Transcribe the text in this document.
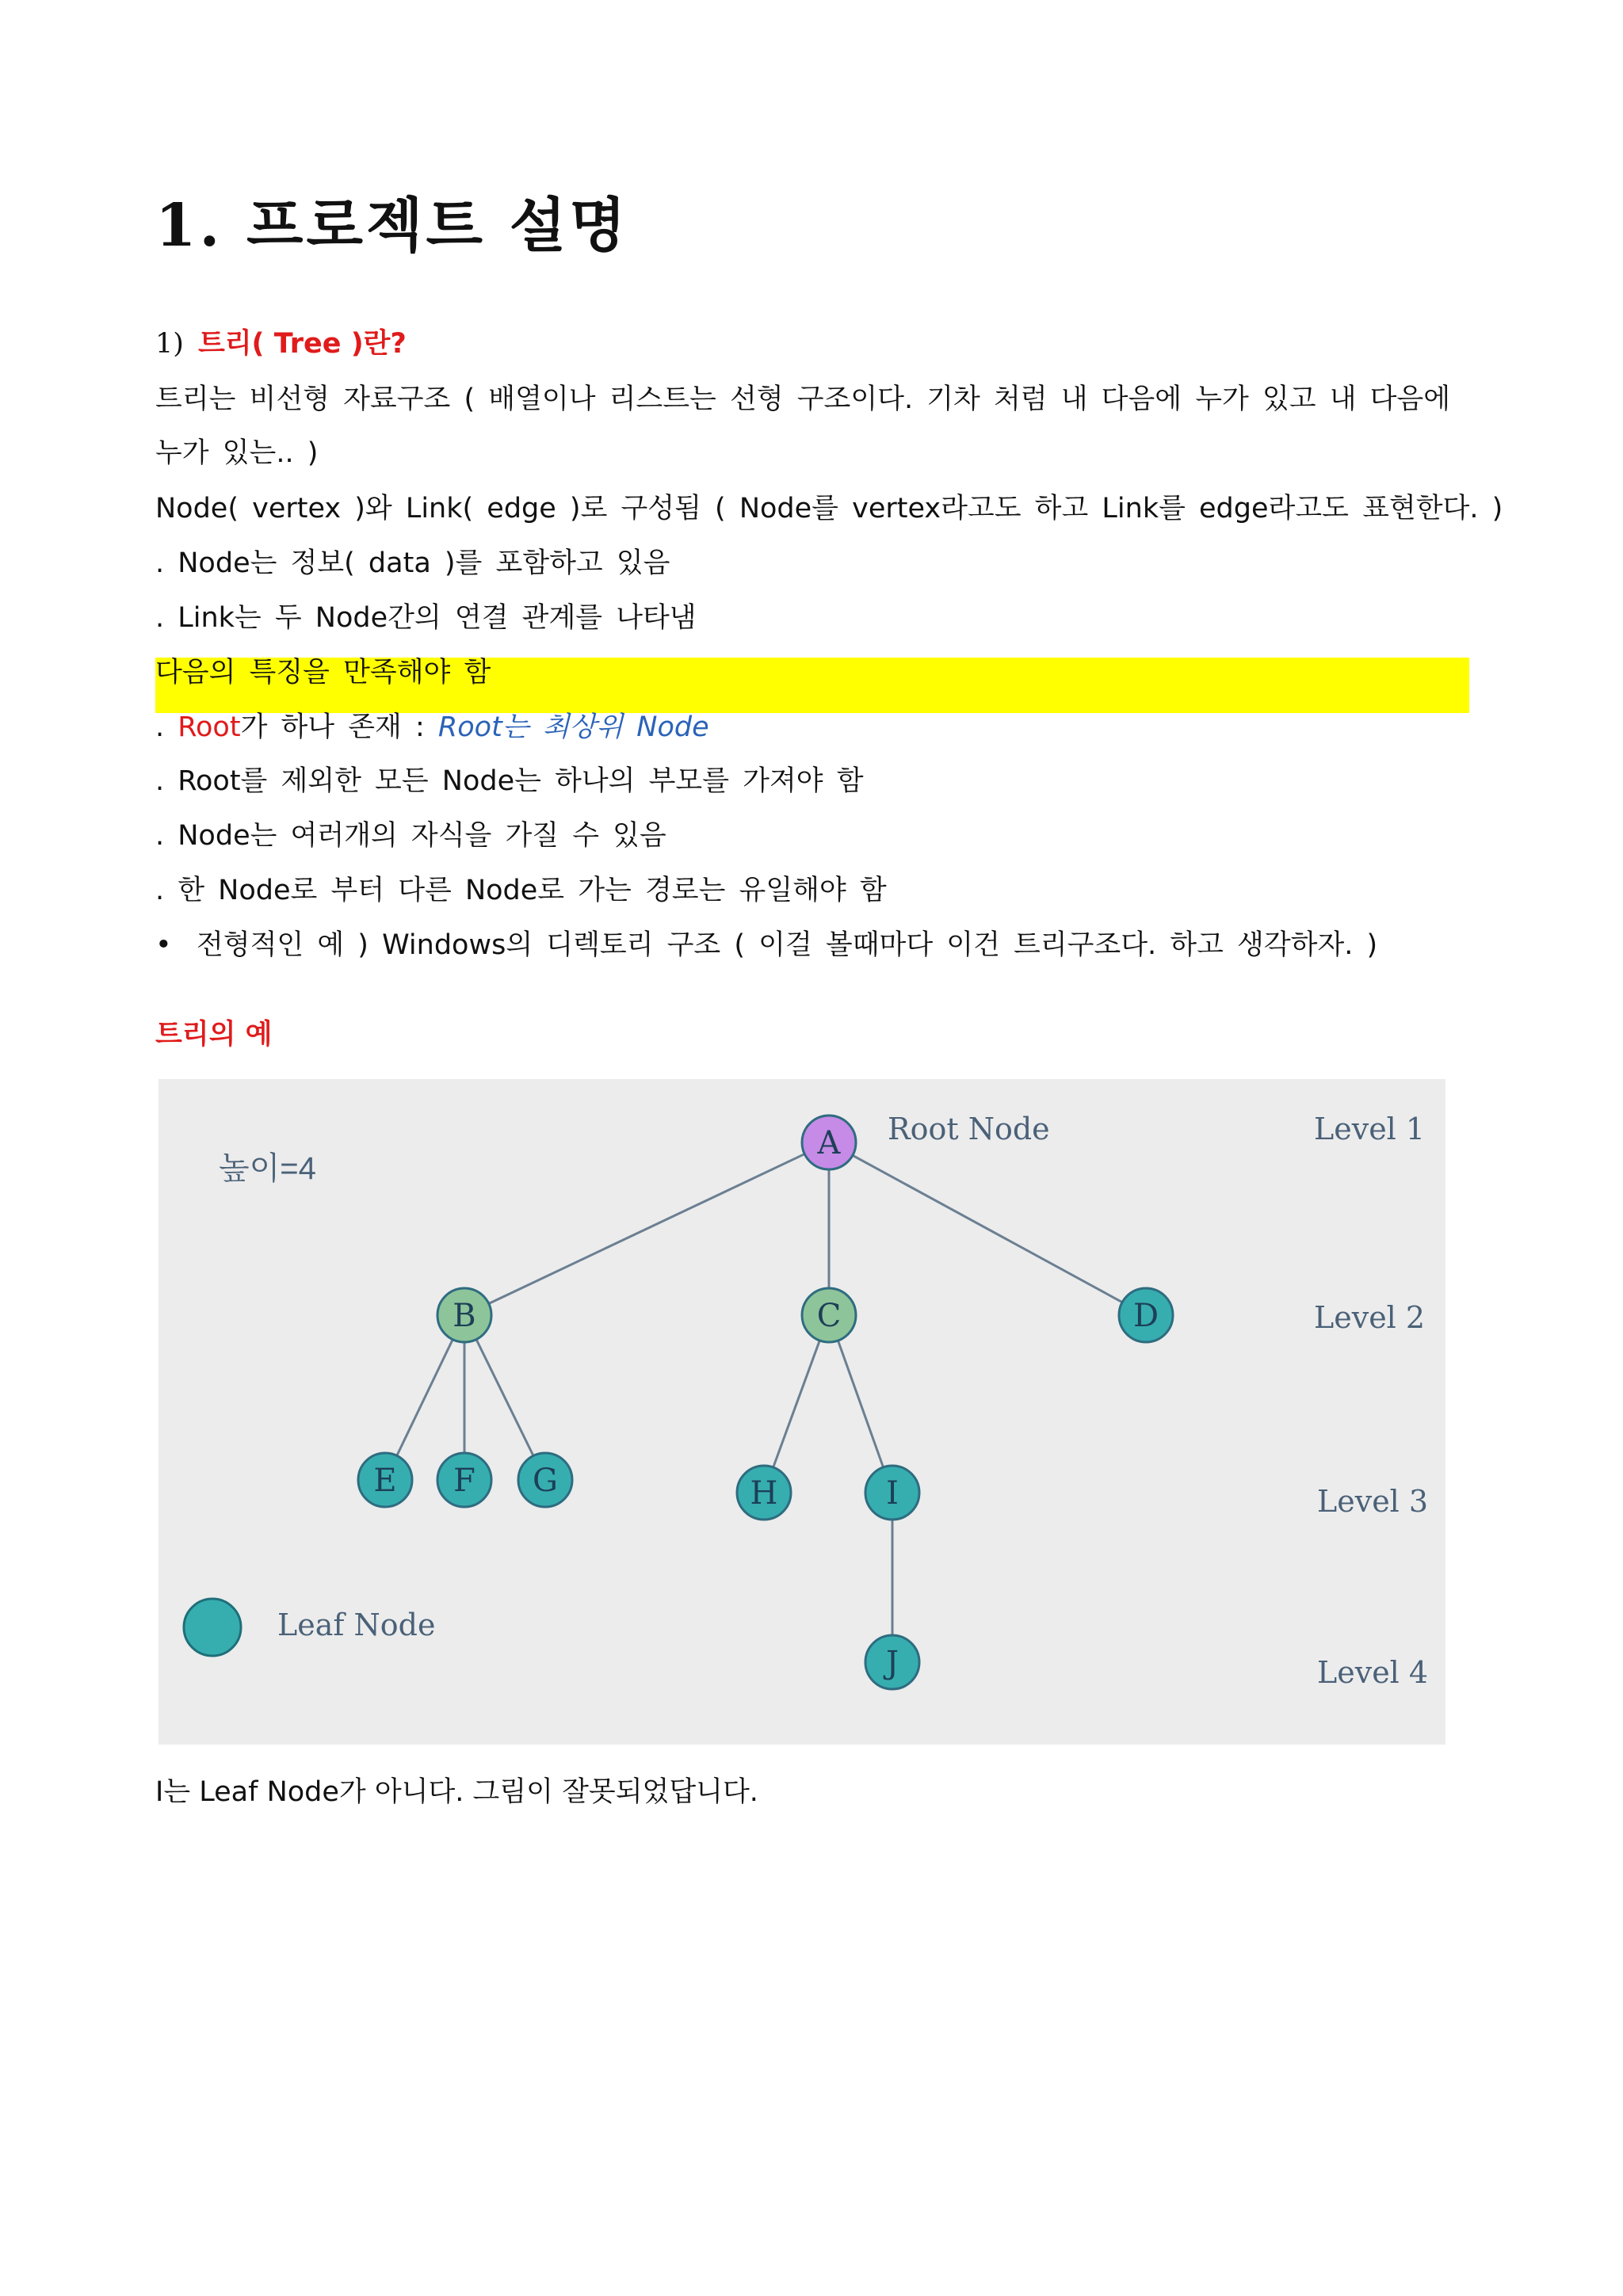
1. 프로젝트 설명
1) 트리( Tree )란?
트리는 비선형 자료구조 ( 배열이나 리스트는 선형 구조이다. 기차 처럼 내 다음에 누가 있고 내 다음에
누가 있는.. )
Node( vertex )와 Link( edge )로 구성됨 ( Node를 vertex라고도 하고 Link를 edge라고도 표현한다. )
. Node는 정보( data )를 포함하고 있음
. Link는 두 Node간의 연결 관계를 나타냄
다음의 특징을 만족해야 함
. Root가 하나 존재 : Root는 최상위 Node
. Root를 제외한 모든 Node는 하나의 부모를 가져야 함
. Node는 여러개의 자식을 가질 수 있음
. 한 Node로 부터 다른 Node로 가는 경로는 유일해야 함
• 전형적인 예 ) Windows의 디렉토리 구조 ( 이걸 볼때마다 이건 트리구조다. 하고 생각하자. )
트리의 예
A
B	C	D
E F G	H	I
J
높이=4
Root Node
Leaf Node
Level 1
Level 2
Level 3
Level 4
I는 Leaf Node가 아니다. 그림이 잘못되었답니다.
